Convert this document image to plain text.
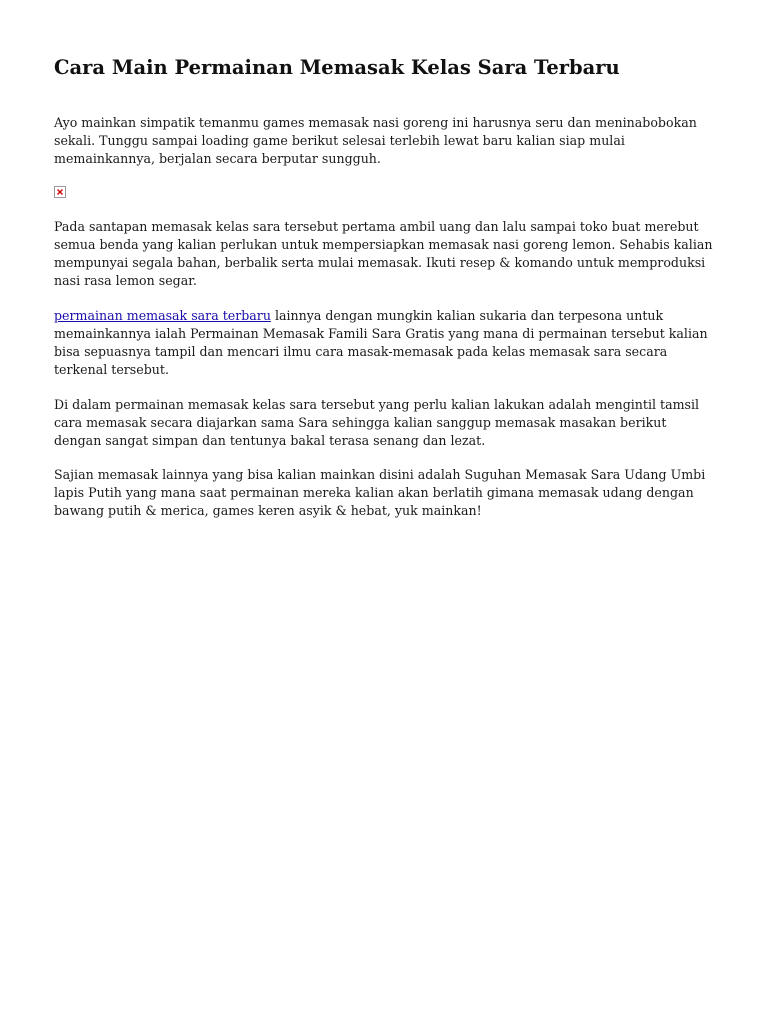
Cara Main Permainan Memasak Kelas Sara Terbaru

Ayo mainkan simpatik temanmu games memasak nasi goreng ini harusnya seru dan meninabobokan sekali. Tunggu sampai loading game berikut selesai terlebih lewat baru kalian siap mulai memainkannya, berjalan secara berputar sungguh.

Pada santapan memasak kelas sara tersebut pertama ambil uang dan lalu sampai toko buat merebut semua benda yang kalian perlukan untuk mempersiapkan memasak nasi goreng lemon. Sehabis kalian mempunyai segala bahan, berbalik serta mulai memasak. Ikuti resep & komando untuk memproduksi nasi rasa lemon segar.

permainan memasak sara terbaru lainnya dengan mungkin kalian sukaria dan terpesona untuk memainkannya ialah Permainan Memasak Famili Sara Gratis yang mana di permainan tersebut kalian bisa sepuasnya tampil dan mencari ilmu cara masak-memasak pada kelas memasak sara secara terkenal tersebut.

Di dalam permainan memasak kelas sara tersebut yang perlu kalian lakukan adalah mengintil tamsil cara memasak secara diajarkan sama Sara sehingga kalian sanggup memasak masakan berikut dengan sangat simpan dan tentunya bakal terasa senang dan lezat.

Sajian memasak lainnya yang bisa kalian mainkan disini adalah Suguhan Memasak Sara Udang Umbi lapis Putih yang mana saat permainan mereka kalian akan berlatih gimana memasak udang dengan bawang putih & merica, games keren asyik & hebat, yuk mainkan!
